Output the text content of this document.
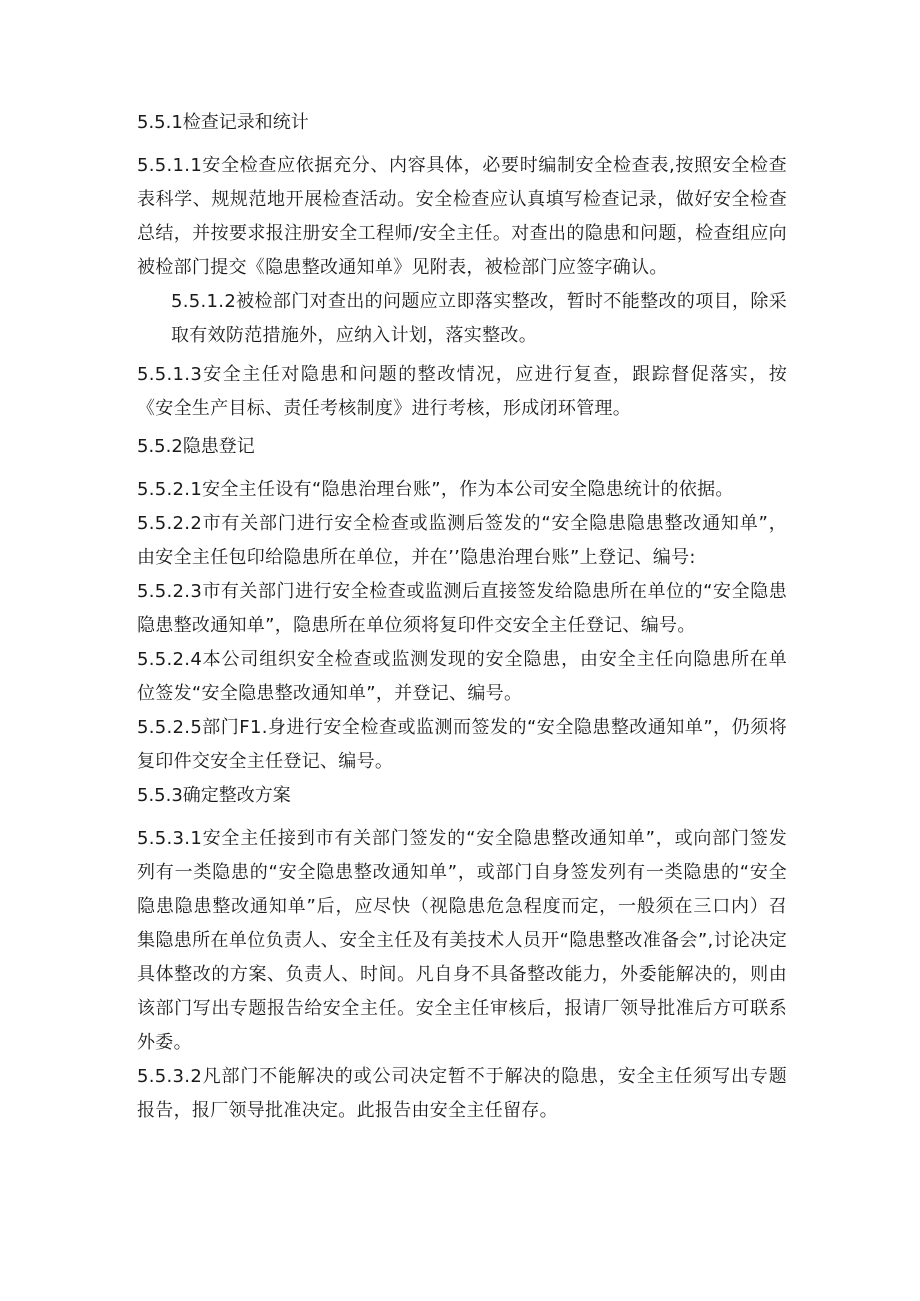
5.5.1检查记录和统计

5.5.1.1安全检查应依据充分、内容具体，必要时编制安全检查表,按照安全检查表科学、规规范地开展检查活动。安全检查应认真填写检查记录，做好安全检查总结，并按要求报注册安全工程师/安全主任。对查出的隐患和问题，检查组应向被检部门提交《隐患整改通知单》见附表，被检部门应签字确认。

5.5.1.2被检部门对查出的问题应立即落实整改，暂时不能整改的项目，除采取有效防范措施外，应纳入计划，落实整改。

5.5.1.3安全主任对隐患和问题的整改情况，应进行复查，跟踪督促落实，按《安全生产目标、责任考核制度》进行考核，形成闭环管理。

5.5.2隐患登记

5.5.2.1安全主任设有“隐患治理台账”，作为本公司安全隐患统计的依据。

5.5.2.2市有关部门进行安全检查或监测后签发的“安全隐患隐患整改通知单”，由安全主任包印给隐患所在单位，并在’’隐患治理台账”上登记、编号:

5.5.2.3市有关部门进行安全检查或监测后直接签发给隐患所在单位的“安全隐患隐患整改通知单”，隐患所在单位须将复印件交安全主任登记、编号。

5.5.2.4本公司组织安全检查或监测发现的安全隐患，由安全主任向隐患所在单位签发“安全隐患整改通知单”，并登记、编号。

5.5.2.5部门F1.身进行安全检查或监测而签发的“安全隐患整改通知单”，仍须将复印件交安全主任登记、编号。

5.5.3确定整改方案

5.5.3.1安全主任接到市有关部门签发的“安全隐患整改通知单”，或向部门签发列有一类隐患的“安全隐患整改通知单”，或部门自身签发列有一类隐患的“安全隐患隐患整改通知单”后，应尽快（视隐患危急程度而定，一般须在三口内）召集隐患所在单位负责人、安全主任及有美技术人员开“隐患整改准备会”,讨论决定具体整改的方案、负责人、时间。凡自身不具备整改能力，外委能解决的，则由该部门写出专题报告给安全主任。安全主任审核后，报请厂领导批准后方可联系外委。

5.5.3.2凡部门不能解决的或公司决定暂不于解决的隐患，安全主任须写出专题报告，报厂领导批准决定。此报告由安全主任留存。
